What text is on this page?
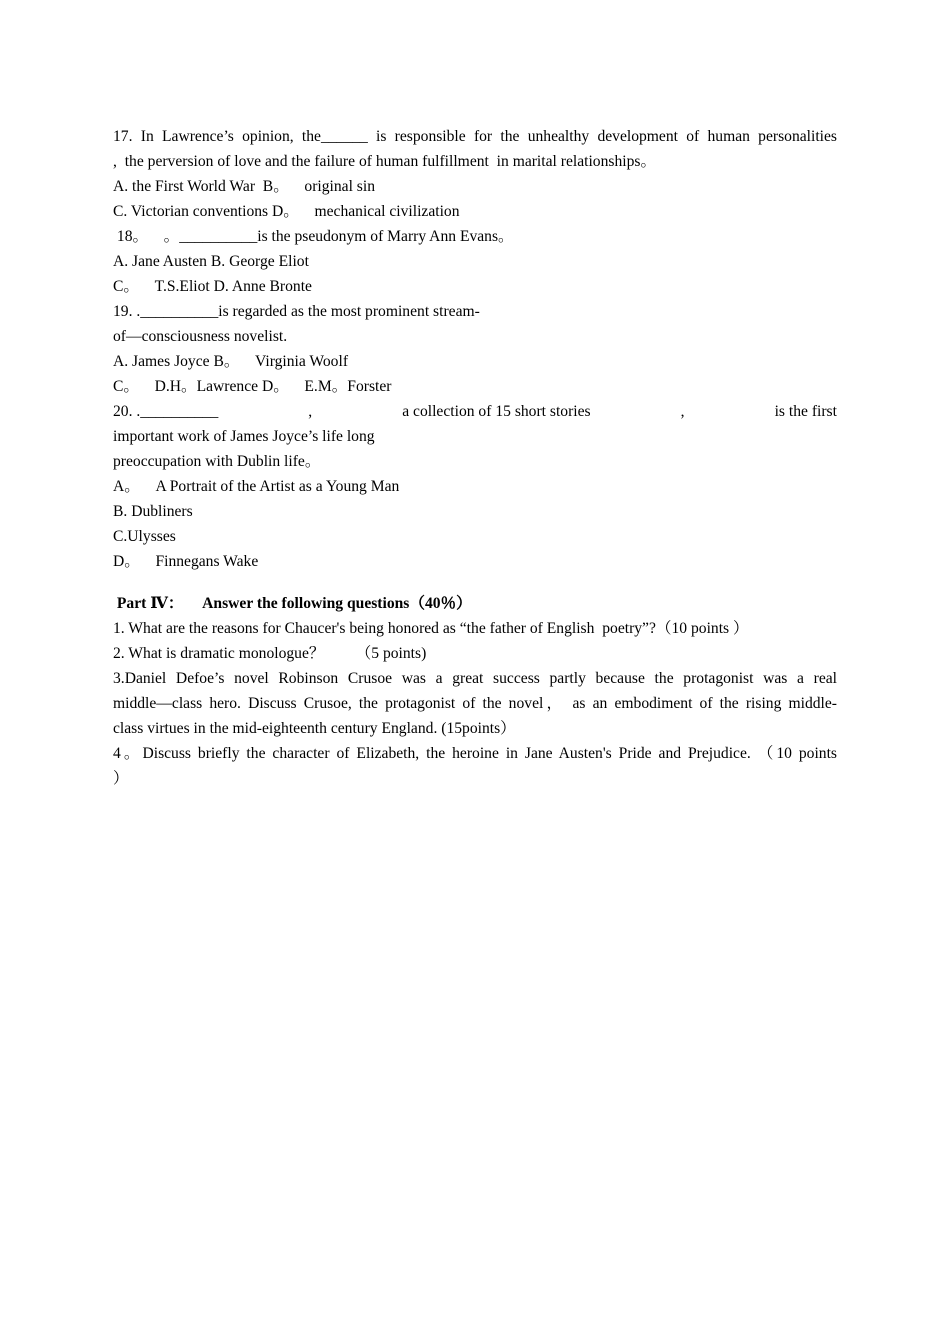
17. In Lawrence’s opinion, the______ is responsible for the unhealthy development of human personalities
,  the perversion of love and the failure of human fulfillment  in marital relationships。
A. the First World War  B。    original sin
C. Victorian conventions D。    mechanical civilization
18。    。__________is the pseudonym of Marry Ann Evans。
A. Jane Austen B. George Eliot
C。    T.S.Eliot D. Anne Bronte
19. .__________is regarded as the most prominent stream-
of—consciousness novelist.
A. James Joyce B。    Virginia Woolf
C。    D.H。Lawrence D。    E.M。Forster
20. .__________	,	a collection of 15 short stories	,	is the first
important work of James Joyce’s life long
preoccupation with Dublin life。
A。    A Portrait of the Artist as a Young Man
B. Dubliners
C.Ulysses
D。    Finnegans Wake
Part Ⅳ：     Answer the following questions（40％）
1. What are the reasons for Chaucer's being honored as “the father of English  poetry”?（10 points ）
2. What is dramatic monologue？        （5 points)
3.Daniel Defoe’s novel Robinson Crusoe was a great success partly because the protagonist was a real
middle—class hero. Discuss Crusoe, the protagonist of the novel， as an embodiment of the rising middle-
class virtues in the mid-eighteenth century England. (15points）
4。Discuss briefly the character of Elizabeth, the heroine in Jane Austen's Pride and Prejudice. （10 points
）
